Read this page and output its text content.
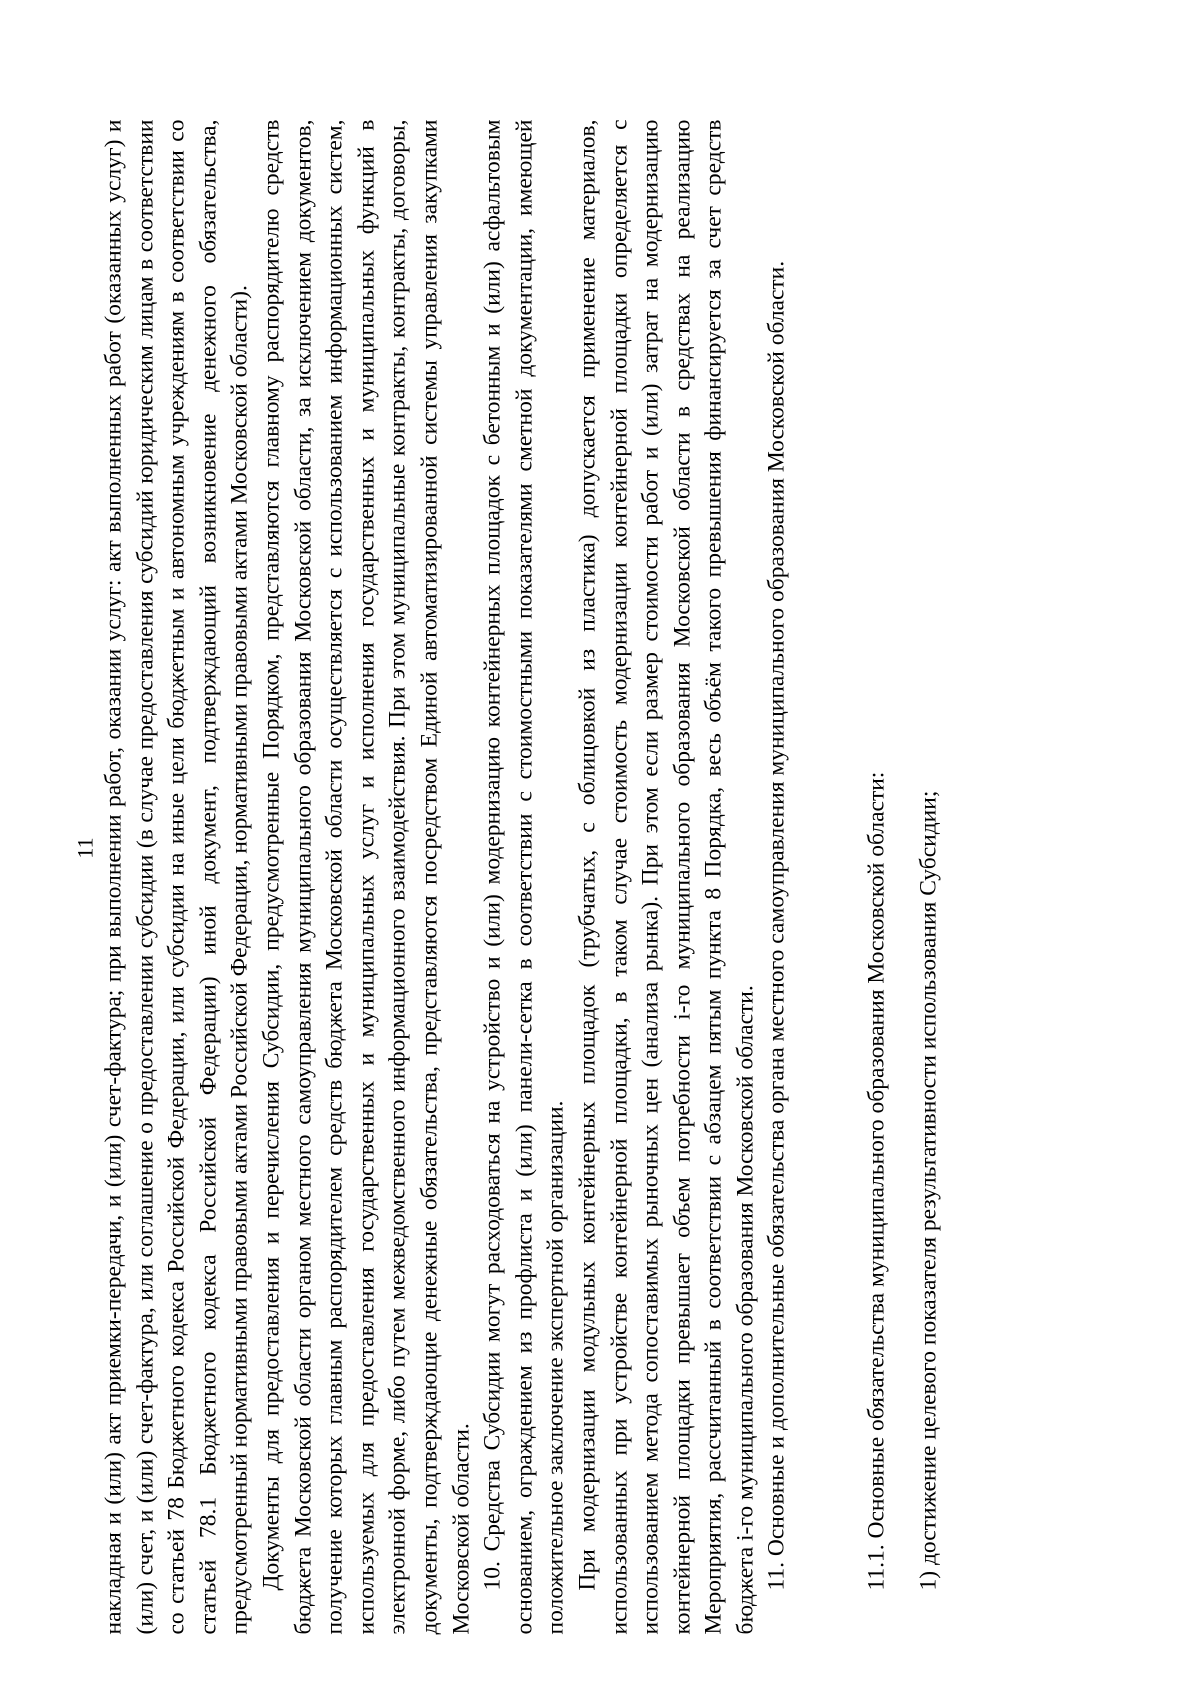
11 накладная и (или) акт приемки-передачи, и (или) счет-фактура; при выполнении работ, оказании услуг: акт выполненных работ (оказанных услуг) и (или) счет, и (или) счет-фактура, или соглашение о предоставлении субсидии (в случае предоставления субсидий юридическим лицам в соответствии со статьей 78 Бюджетного кодекса Российской Федерации, или субсидии на иные цели бюджетным и автономным учреждениям в соответствии со статьей 78.1 Бюджетного кодекса Российской Федерации) иной документ, подтверждающий возникновение денежного обязательства, предусмотренный нормативными правовыми актами Российской Федерации, нормативными правовыми актами Московской области). Документы для предоставления и перечисления Субсидии, предусмотренные Порядком, представляются главному распорядителю средств бюджета Московской области органом местного самоуправления муниципального образования Московской области, за исключением документов, получение которых главным распорядителем средств бюджета Московской области осуществляется с использованием информационных систем, используемых для предоставления государственных и муниципальных услуг и исполнения государственных и муниципальных функций в электронной форме, либо путем межведомственного информационного взаимодействия. При этом муниципальные контракты, контракты, договоры, документы, подтверждающие денежные обязательства, представляются посредством Единой автоматизированной системы управления закупками Московской области. 10. Средства Субсидии могут расходоваться на устройство и (или) модернизацию контейнерных площадок с бетонным и (или) асфальтовым основанием, ограждением из профлиста и (или) панели-сетка в соответствии с стоимостными показателями сметной документации, имеющей положительное заключение экспертной организации. При модернизации модульных контейнерных площадок (трубчатых, с облицовкой из пластика) допускается применение материалов, использованных при устройстве контейнерной площадки, в таком случае стоимость модернизации контейнерной площадки определяется с использованием метода сопоставимых рыночных цен (анализа рынка). При этом если размер стоимости работ и (или) затрат на модернизацию контейнерной площадки превышает объем потребности i-го муниципального образования Московской области в средствах на реализацию Мероприятия, рассчитанный в соответствии с абзацем пятым пункта 8 Порядка, весь объём такого превышения финансируется за счет средств бюджета i-го муниципального образования Московской области. 11. Основные и дополнительные обязательства органа местного самоуправления муниципального образования Московской области.	11.1. Основные обязательства муниципального образования Московской области: 1) достижение целевого показателя результативности использования Субсидии;
